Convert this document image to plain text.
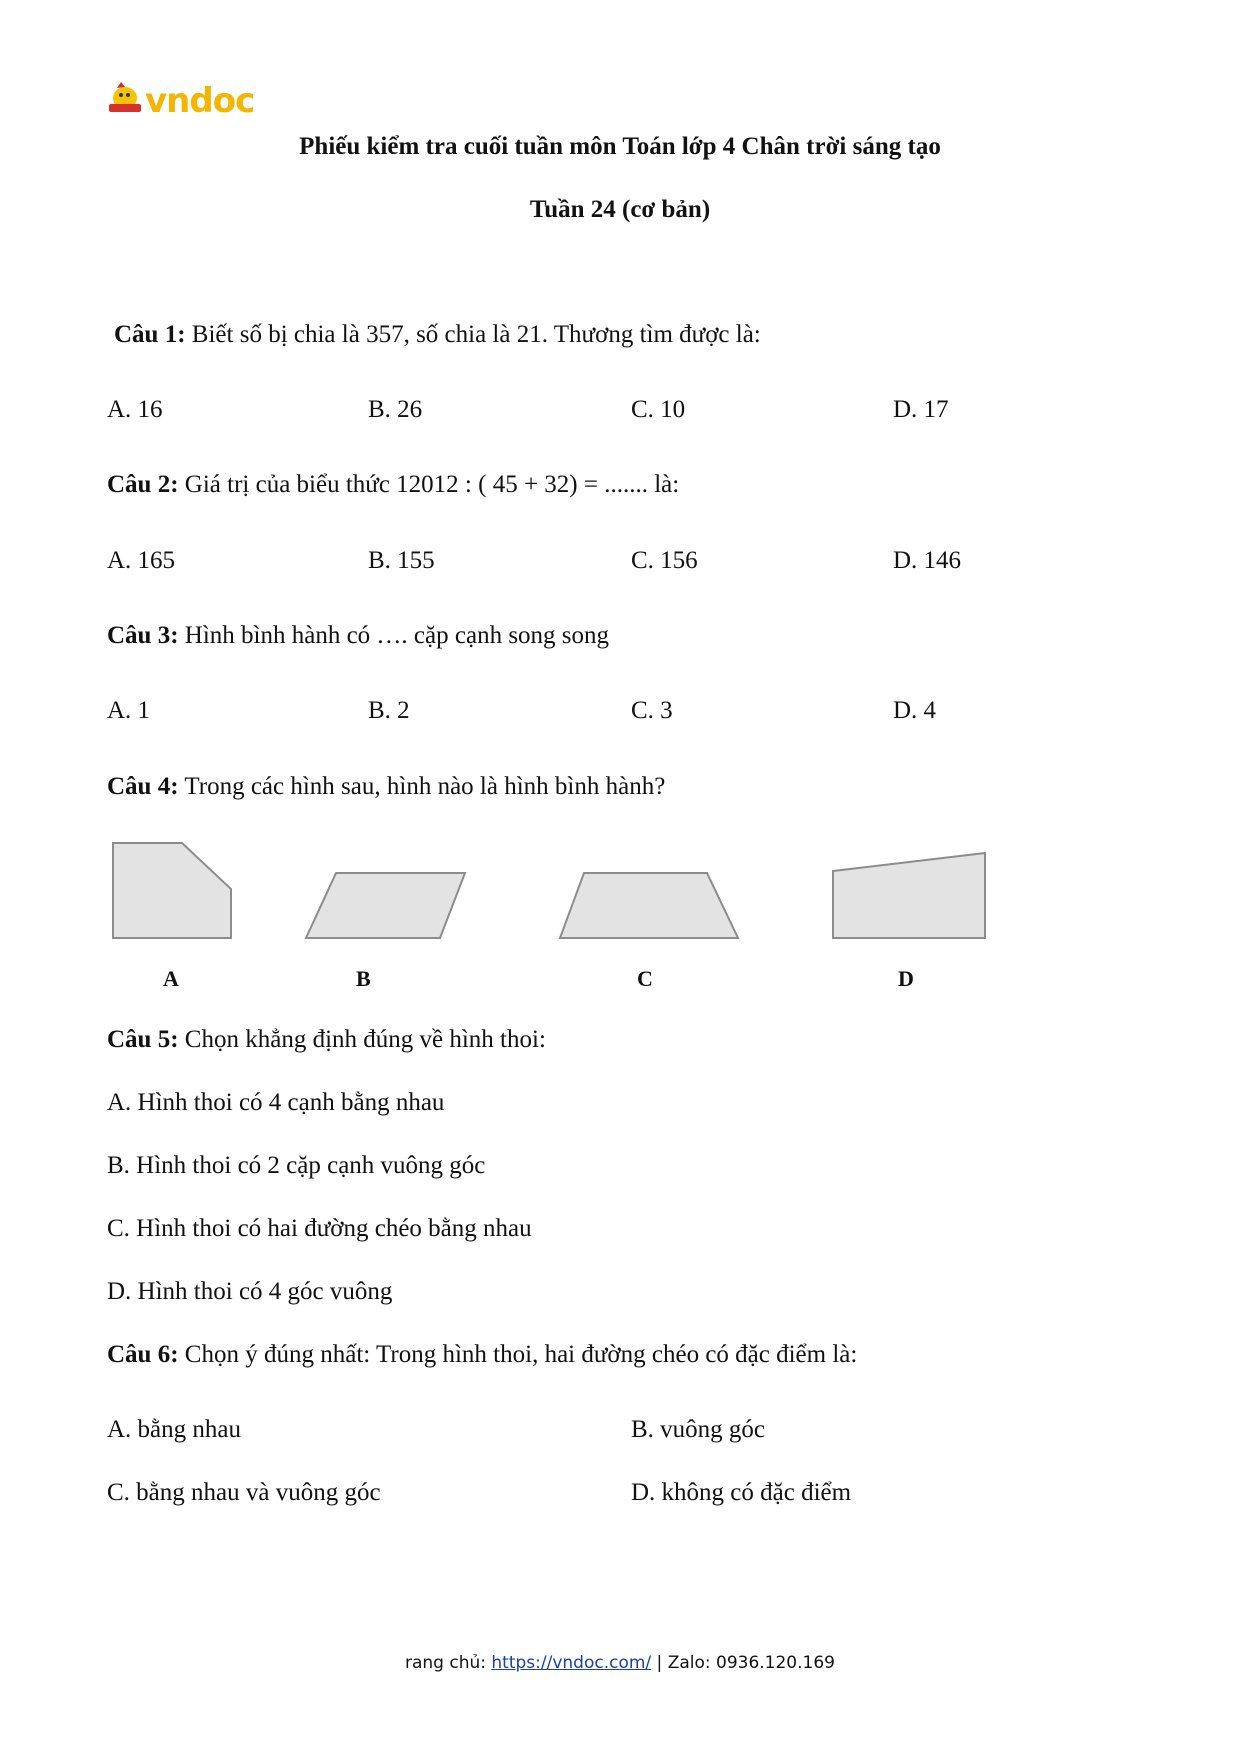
vndoc
Phiếu kiểm tra cuối tuần môn Toán lớp 4 Chân trời sáng tạo
Tuần 24 (cơ bản)
Câu 1: Biết số bị chia là 357, số chia là 21. Thương tìm được là:
A. 16	B. 26	C. 10	D. 17
Câu 2: Giá trị của biểu thức 12012 : ( 45 + 32) = ....... là:
A. 165	B. 155	C. 156	D. 146
Câu 3: Hình bình hành có …. cặp cạnh song song
A. 1	B. 2	C. 3	D. 4
Câu 4: Trong các hình sau, hình nào là hình bình hành?
A	B	C	D
Câu 5: Chọn khẳng định đúng về hình thoi:
A. Hình thoi có 4 cạnh bằng nhau
B. Hình thoi có 2 cặp cạnh vuông góc
C. Hình thoi có hai đường chéo bằng nhau
D. Hình thoi có 4 góc vuông
Câu 6: Chọn ý đúng nhất: Trong hình thoi, hai đường chéo có đặc điểm là:
A. bằng nhau	B. vuông góc
C. bằng nhau và vuông góc	D. không có đặc điểm
rang chủ: https://vndoc.com/ | Zalo: 0936.120.169
